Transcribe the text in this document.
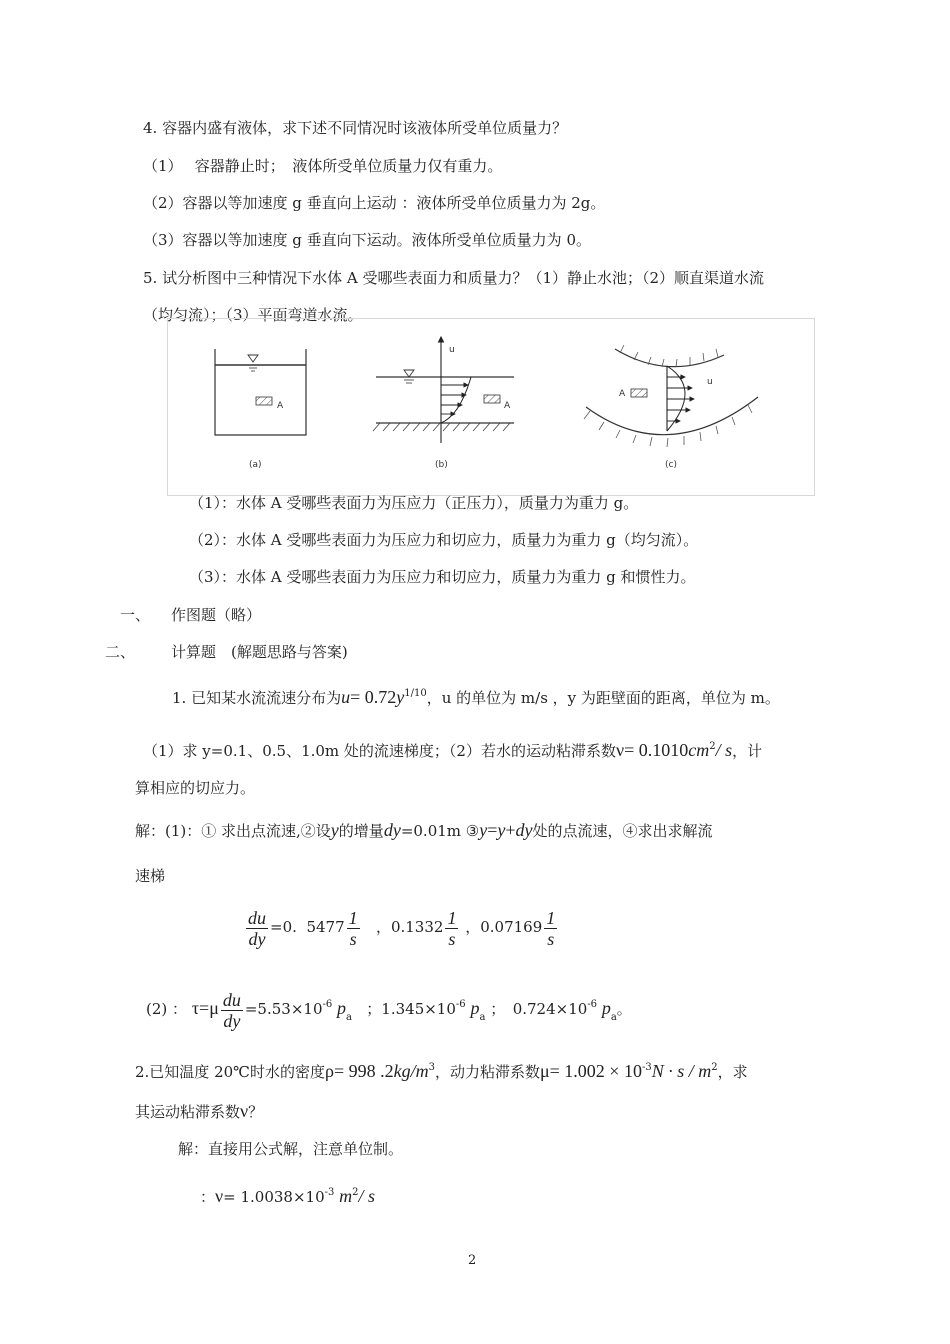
4. 容器内盛有液体，求下述不同情况时该液体所受单位质量力？
（1）　 容器静止时；　液体所受单位质量力仅有重力。
（2）容器以等加速度 g 垂直向上运动 ：液体所受单位质量力为 2g。
（3）容器以等加速度 g 垂直向下运动。液体所受单位质量力为 0。
5. 试分析图中三种情况下水体 A 受哪些表面力和质量力？（1）静止水池；（2）顺直渠道水流
（均匀流）；（3）平面弯道水流。
A
u
A
A
u
(a)	(b)	(c)
（1）：水体 A 受哪些表面力为压应力（正压力），质量力为重力 g。
（2）：水体 A 受哪些表面力为压应力和切应力，质量力为重力 g（均匀流）。
（3）：水体 A 受哪些表面力为压应力和切应力，质量力为重力 g 和惯性力。
一、 作图题（略）
二、 计算题　(解题思路与答案)
1. 已知某水流流速分布为$u= 0.72y^{1/10}$，u 的单位为 m/s ，y 为距壁面的距离，单位为 m。
（1）求 y=0.1、0.5、1.0m 处的流速梯度；（2）若水的运动粘滞系数$\nu= 0.1010cm^2/$ s，计
算相应的切应力。
解：(1)：① 求出点流速,②设y的增量dy=0.01m ③y=y+dy处的点流速，④求出求解流
速梯
$\frac{du}{dy} =0$. $5477 \frac{1}{s}$ ，$0.1332 \frac{1}{s}$ ，$0.07169 \frac{1}{s}$
(2) ： $\tau=\mu \frac{du}{dy} =5.53\times 10^{-6}$ $p_a$ ；$1.345\times 10^{-6}$ $p_a$ ；　$0.724\times 10^{-6}$ $p_a$。
2.已知温度 20℃时水的密度ρ= 998 $.2kg/m^3$，动力粘滞系数$\mu= 1.002 \times 10^{-3}N \cdot s / m^2$，求
其运动粘滞系数ν？
解：直接用公式解，注意单位制。
：$\nu= 1.0038\times 10^{-3}$ $m^2/$ s
2
